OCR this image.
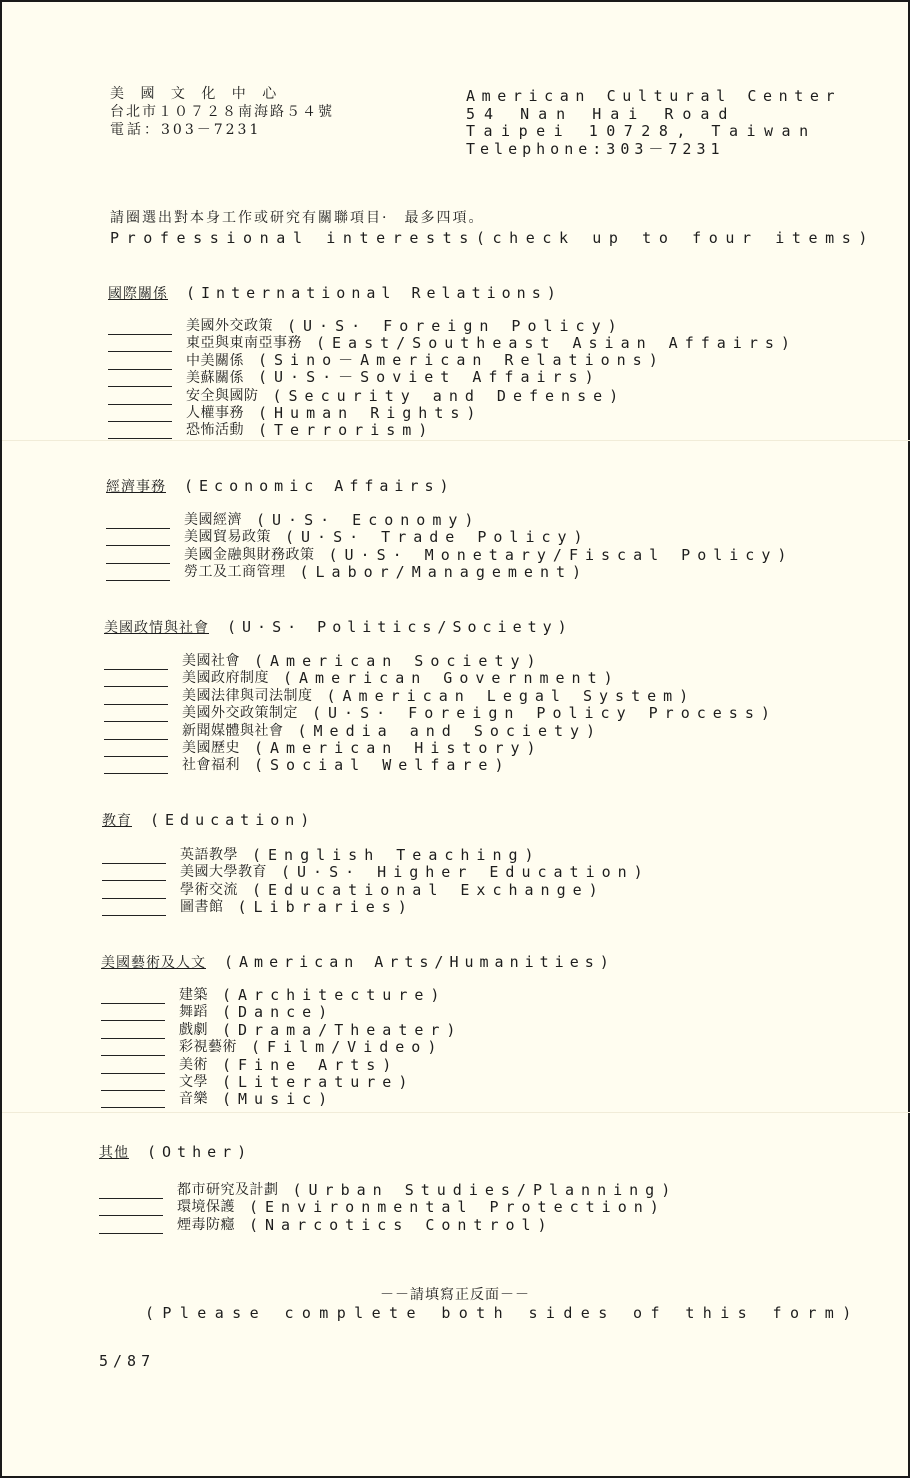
美 國 文 化 中 心
台北市１０７２８南海路５４號
電話：303－7231
American Cultural Center
54 Nan Hai Road
Taipei 10728, Taiwan
Telephone:303－7231
請圈選出對本身工作或研究有關聯項目·　最多四項。
Professional interests(check up to four items)
國際關係 (International Relations)
美國外交政策 (U·S· Foreign Policy)
東亞與東南亞事務 (East/Southeast Asian Affairs)
中美關係 (Sino－American Relations)
美蘇關係 (U·S·－Soviet Affairs)
安全與國防 (Security and Defense)
人權事務 (Human Rights)
恐怖活動 (Terrorism)
經濟事務 (Economic Affairs)
美國經濟 (U·S· Economy)
美國貿易政策 (U·S· Trade Policy)
美國金融與財務政策 (U·S· Monetary/Fiscal Policy)
勞工及工商管理 (Labor/Management)
美國政情與社會 (U·S· Politics/Society)
美國社會 (American Society)
美國政府制度 (American Government)
美國法律與司法制度 (American Legal System)
美國外交政策制定 (U·S· Foreign Policy Process)
新聞媒體與社會 (Media and Society)
美國歷史 (American History)
社會福利 (Social Welfare)
教育 (Education)
英語教學 (English Teaching)
美國大學教育 (U·S· Higher Education)
學術交流 (Educational Exchange)
圖書館 (Libraries)
美國藝術及人文 (American Arts/Humanities)
建築 (Architecture)
舞蹈 (Dance)
戲劇 (Drama/Theater)
彩視藝術 (Film/Video)
美術 (Fine Arts)
文學 (Literature)
音樂 (Music)
其他 (Other)
都市研究及計劃 (Urban Studies/Planning)
環境保護 (Environmental Protection)
煙毒防癮 (Narcotics Control)
－－請填寫正反面－－
(Please complete both sides of this form)
5/87
